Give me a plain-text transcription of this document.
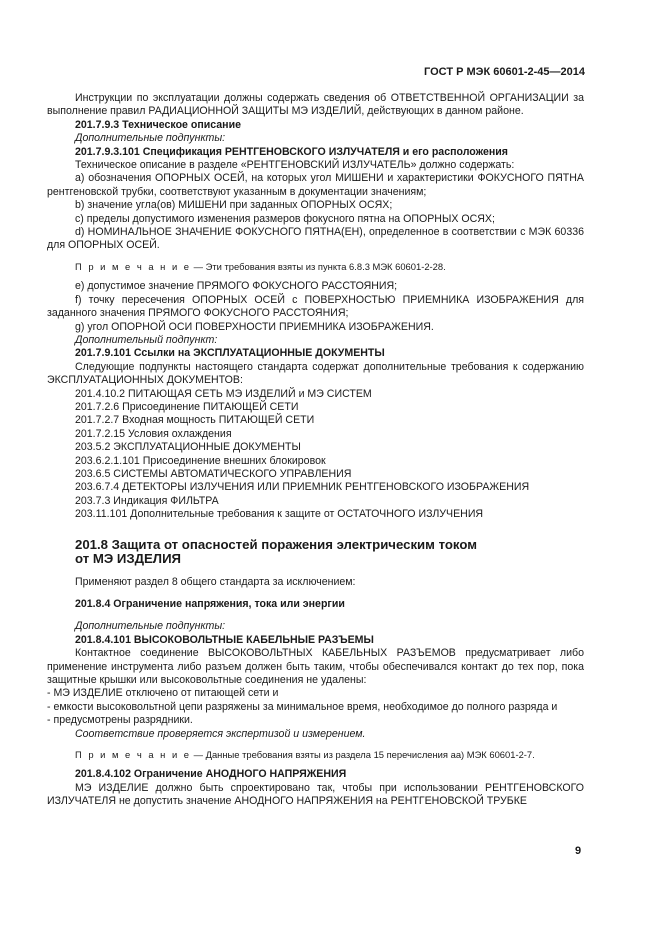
ГОСТ Р МЭК 60601-2-45—2014

Инструкции по эксплуатации должны содержать сведения об ОТВЕТСТВЕННОЙ ОРГАНИЗАЦИИ за выполнение правил РАДИАЦИОННОЙ ЗАЩИТЫ МЭ ИЗДЕЛИЙ, действующих в данном районе.

201.7.9.3 Техническое описание

Дополнительные подпункты:

201.7.9.3.101 Спецификация РЕНТГЕНОВСКОГО ИЗЛУЧАТЕЛЯ и его расположения

Техническое описание в разделе «РЕНТГЕНОВСКИЙ ИЗЛУЧАТЕЛЬ» должно содержать:

а) обозначения ОПОРНЫХ ОСЕЙ, на которых угол МИШЕНИ и характеристики ФОКУСНОГО ПЯТНА рентгеновской трубки, соответствуют указанным в документации значениям;

b) значение угла(ов) МИШЕНИ при заданных ОПОРНЫХ ОСЯХ;

c) пределы допустимого изменения размеров фокусного пятна на ОПОРНЫХ ОСЯХ;

d) НОМИНАЛЬНОЕ ЗНАЧЕНИЕ ФОКУСНОГО ПЯТНА(ЕН), определенное в соответствии с МЭК 60336 для ОПОРНЫХ ОСЕЙ.

П р и м е ч а н и е — Эти требования взяты из пункта 6.8.3 МЭК 60601-2-28.

e) допустимое значение ПРЯМОГО ФОКУСНОГО РАССТОЯНИЯ;

f) точку пересечения ОПОРНЫХ ОСЕЙ с ПОВЕРХНОСТЬЮ ПРИЕМНИКА ИЗОБРАЖЕНИЯ для заданного значения ПРЯМОГО ФОКУСНОГО РАССТОЯНИЯ;

g) угол ОПОРНОЙ ОСИ ПОВЕРХНОСТИ ПРИЕМНИКА ИЗОБРАЖЕНИЯ.

Дополнительный подпункт:

201.7.9.101 Ссылки на ЭКСПЛУАТАЦИОННЫЕ ДОКУМЕНТЫ

Следующие подпункты настоящего стандарта содержат дополнительные требования к содержанию ЭКСПЛУАТАЦИОННЫХ ДОКУМЕНТОВ:

201.4.10.2 ПИТАЮЩАЯ СЕТЬ МЭ ИЗДЕЛИЙ и МЭ СИСТЕМ

201.7.2.6 Присоединение ПИТАЮЩЕЙ СЕТИ

201.7.2.7 Входная мощность ПИТАЮЩЕЙ СЕТИ

201.7.2.15 Условия охлаждения

203.5.2 ЭКСПЛУАТАЦИОННЫЕ ДОКУМЕНТЫ

203.6.2.1.101 Присоединение внешних блокировок

203.6.5 СИСТЕМЫ АВТОМАТИЧЕСКОГО УПРАВЛЕНИЯ

203.6.7.4 ДЕТЕКТОРЫ ИЗЛУЧЕНИЯ ИЛИ ПРИЕМНИК РЕНТГЕНОВСКОГО ИЗОБРАЖЕНИЯ

203.7.3 Индикация ФИЛЬТРА

203.11.101 Дополнительные требования к защите от ОСТАТОЧНОГО ИЗЛУЧЕНИЯ

201.8 Защита от опасностей поражения электрическим током
от МЭ ИЗДЕЛИЯ

Применяют раздел 8 общего стандарта за исключением:

201.8.4 Ограничение напряжения, тока или энергии

Дополнительные подпункты:

201.8.4.101 ВЫСОКОВОЛЬТНЫЕ КАБЕЛЬНЫЕ РАЗЪЕМЫ

Контактное соединение ВЫСОКОВОЛЬТНЫХ КАБЕЛЬНЫХ РАЗЪЕМОВ предусматривает либо применение инструмента либо разъем должен быть таким, чтобы обеспечивался контакт до тех пор, пока защитные крышки или высоковольтные соединения не удалены:

- МЭ ИЗДЕЛИЕ отключено от питающей сети и

- емкости высоковольтной цепи разряжены за минимальное время, необходимое до полного разряда и

- предусмотрены разрядники.

Соответствие проверяется экспертизой и измерением.

П р и м е ч а н и е — Данные требования взяты из раздела 15 перечисления аа) МЭК 60601-2-7.

201.8.4.102 Ограничение АНОДНОГО НАПРЯЖЕНИЯ

МЭ ИЗДЕЛИЕ должно быть спроектировано так, чтобы при использовании РЕНТГЕНОВСКОГО ИЗЛУЧАТЕЛЯ не допустить значение АНОДНОГО НАПРЯЖЕНИЯ на РЕНТГЕНОВСКОЙ ТРУБКЕ

9
